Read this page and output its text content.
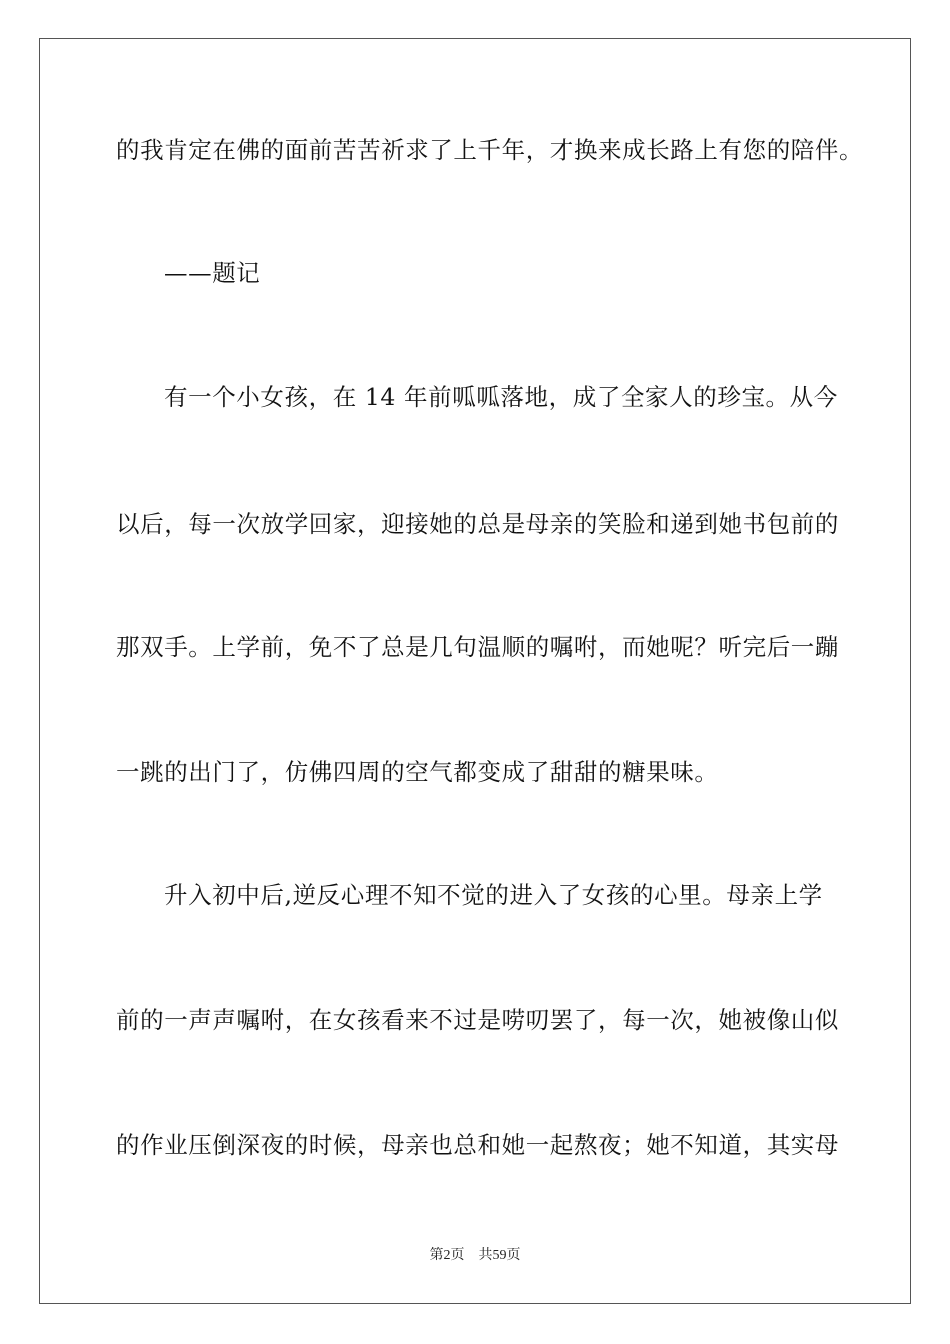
的我肯定在佛的面前苦苦祈求了上千年，才换来成长路上有您的陪伴。
——题记
有一个小女孩，在 14 年前呱呱落地，成了全家人的珍宝。从今
以后，每一次放学回家，迎接她的总是母亲的笑脸和递到她书包前的
那双手。上学前，免不了总是几句温顺的嘱咐，而她呢？听完后一蹦
一跳的出门了，仿佛四周的空气都变成了甜甜的糖果味。
升入初中后,逆反心理不知不觉的进入了女孩的心里。母亲上学
前的一声声嘱咐，在女孩看来不过是唠叨罢了，每一次，她被像山似
的作业压倒深夜的时候，母亲也总和她一起熬夜；她不知道，其实母
第2页 共59页
